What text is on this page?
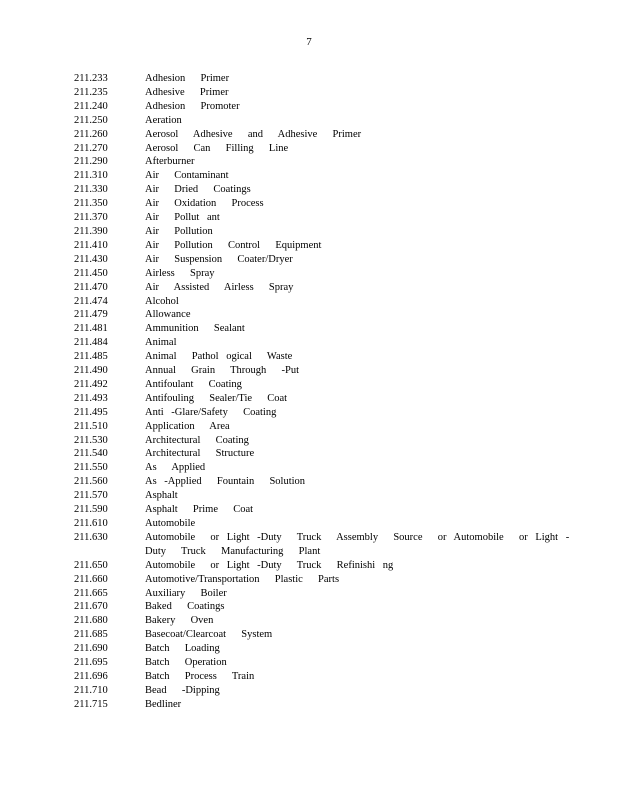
7
211.233	Adhesion  Primer
211.235	Adhesive  Primer
211.240	Adhesion  Promoter
211.250	Aeration
211.260	Aerosol  Adhesive  and  Adhesive  Primer
211.270	Aerosol  Can  Filling  Line
211.290	Afterburner
211.310	Air  Contaminant
211.330	Air  Dried  Coatings
211.350	Air  Oxidation  Process
211.370	Air  Pollut ant
211.390	Air  Pollution
211.410	Air  Pollution  Control  Equipment
211.430	Air  Suspension  Coater/Dryer
211.450	Airless  Spray
211.470	Air  Assisted  Airless  Spray
211.474	Alcohol
211.479	Allowance
211.481	Ammunition  Sealant
211.484	Animal
211.485	Animal  Pathol ogical  Waste
211.490	Annual  Grain  Through  -Put
211.492	Antifoulant  Coating
211.493	Antifouling  Sealer/Tie  Coat
211.495	Anti -Glare/Safety  Coating
211.510	Application  Area
211.530	Architectural  Coating
211.540	Architectural  Structure
211.550	As  Applied
211.560	As -Applied  Fountain  Solution
211.570	Asphalt
211.590	Asphalt  Prime  Coat
211.610	Automobile
211.630	Automobile  or Light -Duty  Truck  Assembly  Source  or Automobile  or Light -Duty  Truck  Manufacturing  Plant
211.650	Automobile  or Light -Duty  Truck  Refinishi ng
211.660	Automotive/Transportation  Plastic  Parts
211.665	Auxiliary  Boiler
211.670	Baked  Coatings
211.680	Bakery  Oven
211.685	Basecoat/Clearcoat  System
211.690	Batch  Loading
211.695	Batch  Operation
211.696	Batch  Process  Train
211.710	Bead  -Dipping
211.715	Bedliner
